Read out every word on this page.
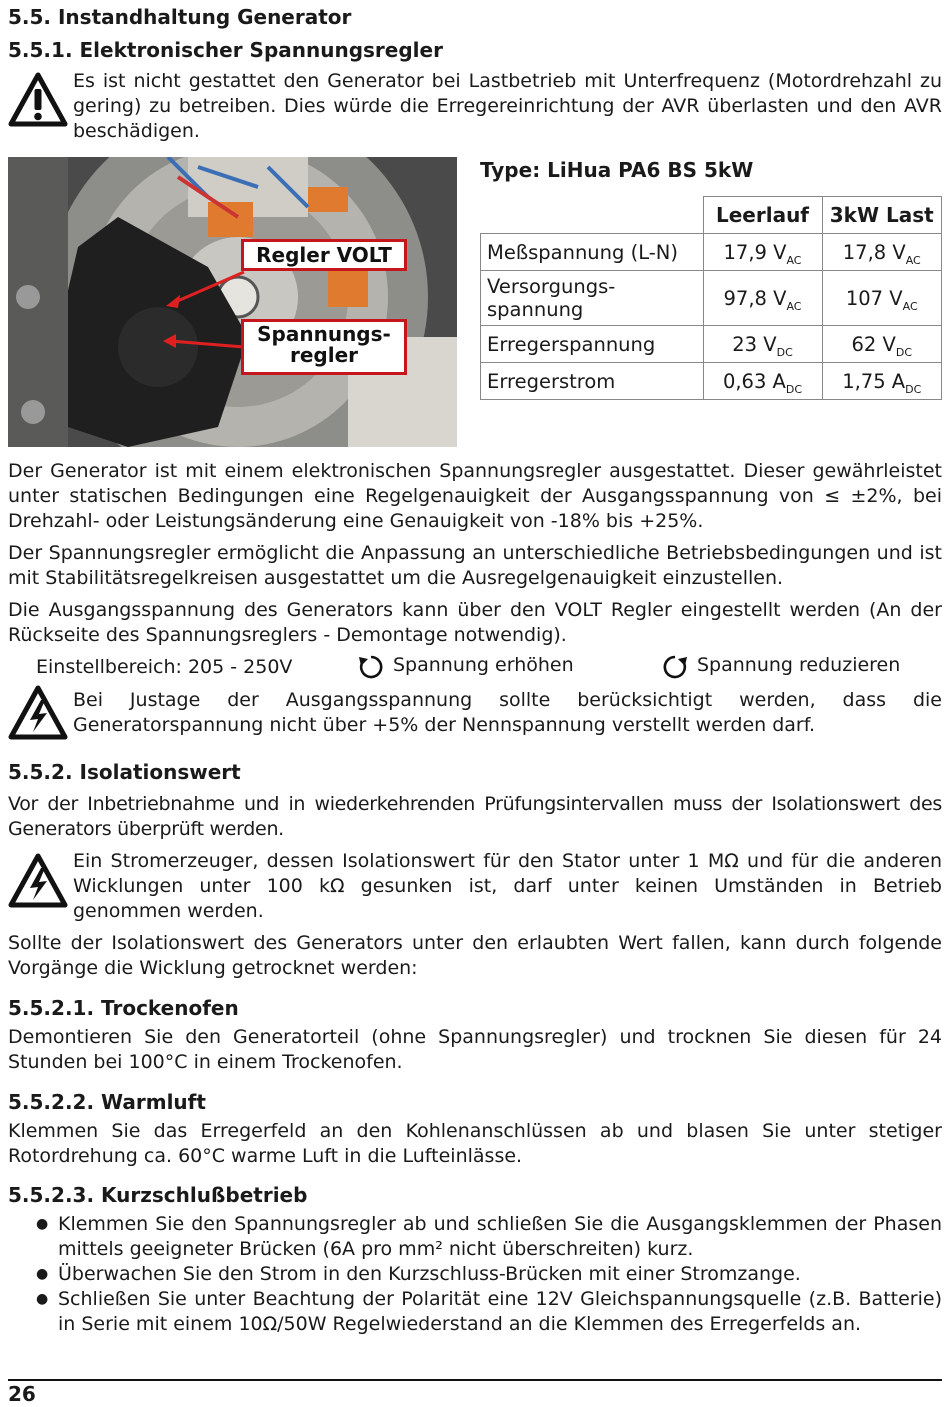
5.5. Instandhaltung Generator
5.5.1. Elektronischer Spannungsregler

Es ist nicht gestattet den Generator bei Lastbetrieb mit Unterfrequenz (Motordrehzahl zu gering) zu betreiben. Dies würde die Erregereinrichtung der AVR überlasten und den AVR beschädigen.

Regler VOLT
Spannungs-
regler
Type: LiHua PA6 BS 5kW
	Leerlauf	3kW Last
Meßspannung (L-N)	17,9 $V_{AC}$	17,8 $V_{AC}$

Versorgungs-
spannung	97,8 $V_{AC}$	107 $V_{AC}$
Erregerspannung	23 $V_{DC}$	62 $V_{DC}$
Erregerstrom	0,63 $A_{DC}$	1,75 $A_{DC}$

Der Generator ist mit einem elektronischen Spannungsregler ausgestattet. Dieser gewährleistet unter statischen Bedingungen eine Regelgenauigkeit der Ausgangsspannung von ≤ ±2%, bei Drehzahl- oder Leistungsänderung eine Genauigkeit von -18% bis +25%.

Der Spannungsregler ermöglicht die Anpassung an unterschiedliche Betriebsbedingungen und ist mit Stabilitätsregelkreisen ausgestattet um die Ausregelgenauigkeit einzustellen.

Die Ausgangsspannung des Generators kann über den VOLT Regler eingestellt werden (An der Rückseite des Spannungsreglers - Demontage notwendig).

Einstellbereich: 205 - 250V	Spannung erhöhen	Spannung reduzieren

Bei Justage der Ausgangsspannung sollte berücksichtigt werden, dass die Generatorspannung nicht über +5% der Nennspannung verstellt werden darf.

5.5.2. Isolationswert

Vor der Inbetriebnahme und in wiederkehrenden Prüfungsintervallen muss der Isolationswert des Generators überprüft werden.

Ein Stromerzeuger, dessen Isolationswert für den Stator unter 1 MΩ und für die anderen Wicklungen unter 100 kΩ gesunken ist, darf unter keinen Umständen in Betrieb genommen werden.

Sollte der Isolationswert des Generators unter den erlaubten Wert fallen, kann durch folgende Vorgänge die Wicklung getrocknet werden:

5.5.2.1. Trockenofen

Demontieren Sie den Generatorteil (ohne Spannungsregler) und trocknen Sie diesen für 24 Stunden bei 100°C in einem Trockenofen.

5.5.2.2. Warmluft

Klemmen Sie das Erregerfeld an den Kohlenanschlüssen ab und blasen Sie unter stetiger Rotordrehung ca. 60°C warme Luft in die Lufteinlässe.

5.5.2.3. Kurzschlußbetrieb
● Klemmen Sie den Spannungsregler ab und schließen Sie die Ausgangsklemmen der Phasen mittels geeigneter Brücken (6A pro mm² nicht überschreiten) kurz.
● Überwachen Sie den Strom in den Kurzschluss-Brücken mit einer Stromzange.
● Schließen Sie unter Beachtung der Polarität eine 12V Gleichspannungsquelle (z.B. Batterie) in Serie mit einem 10Ω/50W Regelwiederstand an die Klemmen des Erregerfelds an.
26
